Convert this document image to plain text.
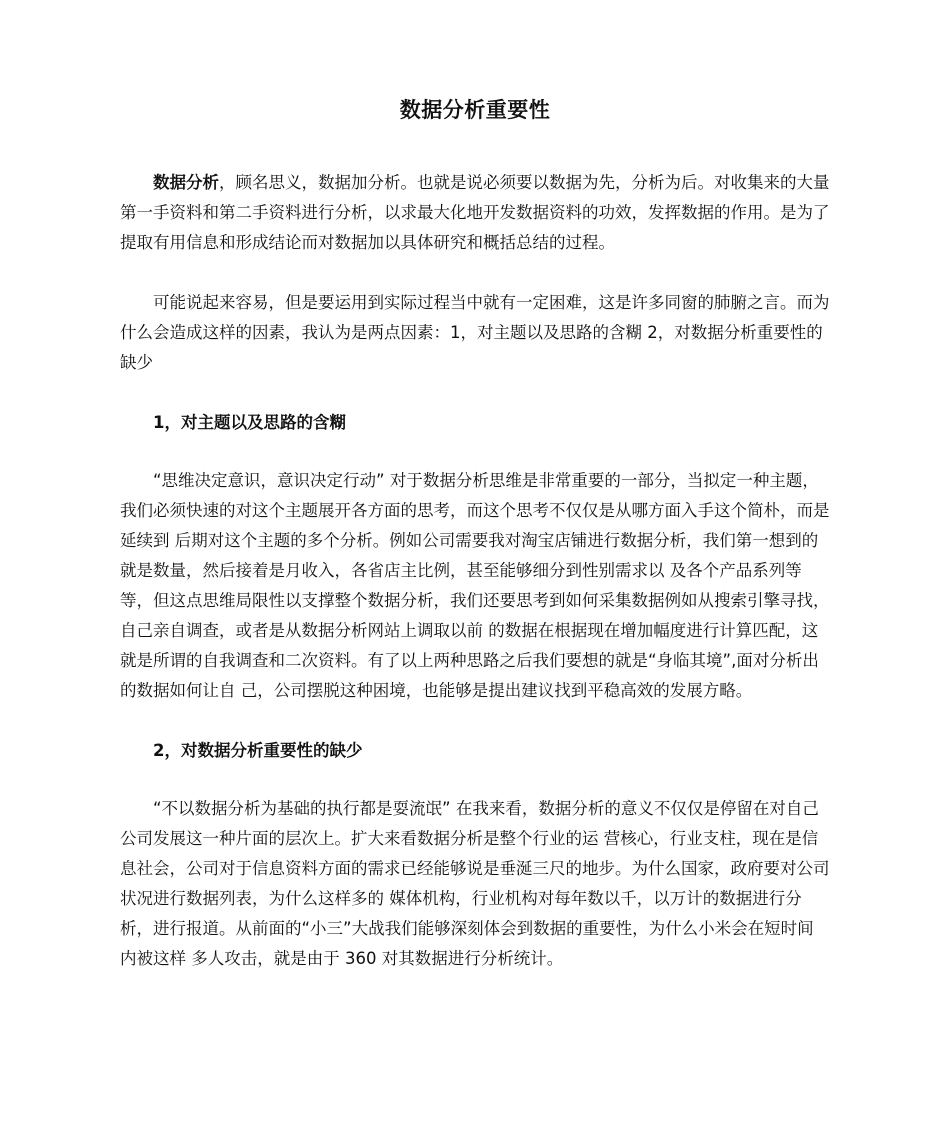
数据分析重要性

数据分析，顾名思义，数据加分析。也就是说必须要以数据为先，分析为后。对收集来的大量第一手资料和第二手资料进行分析，以求最大化地开发数据资料的功效，发挥数据的作用。是为了提取有用信息和形成结论而对数据加以具体研究和概括总结的过程。

可能说起来容易，但是要运用到实际过程当中就有一定困难，这是许多同窗的肺腑之言。而为什么会造成这样的因素，我认为是两点因素：1，对主题以及思路的含糊 2，对数据分析重要性的缺少

1，对主题以及思路的含糊

“思维决定意识，意识决定行动” 对于数据分析思维是非常重要的一部分，当拟定一种主题，我们必须快速的对这个主题展开各方面的思考，而这个思考不仅仅是从哪方面入手这个简朴，而是延续到 后期对这个主题的多个分析。例如公司需要我对淘宝店铺进行数据分析，我们第一想到的就是数量，然后接着是月收入，各省店主比例，甚至能够细分到性别需求以 及各个产品系列等等，但这点思维局限性以支撑整个数据分析，我们还要思考到如何采集数据例如从搜索引擎寻找，自己亲自调查，或者是从数据分析网站上调取以前 的数据在根据现在增加幅度进行计算匹配，这就是所谓的自我调查和二次资料。有了以上两种思路之后我们要想的就是“身临其境”,面对分析出的数据如何让自 己，公司摆脱这种困境，也能够是提出建议找到平稳高效的发展方略。

2，对数据分析重要性的缺少

“不以数据分析为基础的执行都是耍流氓” 在我来看，数据分析的意义不仅仅是停留在对自己公司发展这一种片面的层次上。扩大来看数据分析是整个行业的运 营核心，行业支柱，现在是信息社会，公司对于信息资料方面的需求已经能够说是垂涎三尺的地步。为什么国家，政府要对公司状况进行数据列表，为什么这样多的 媒体机构，行业机构对每年数以千，以万计的数据进行分析，进行报道。从前面的“小三”大战我们能够深刻体会到数据的重要性，为什么小米会在短时间内被这样 多人攻击，就是由于 360 对其数据进行分析统计。
